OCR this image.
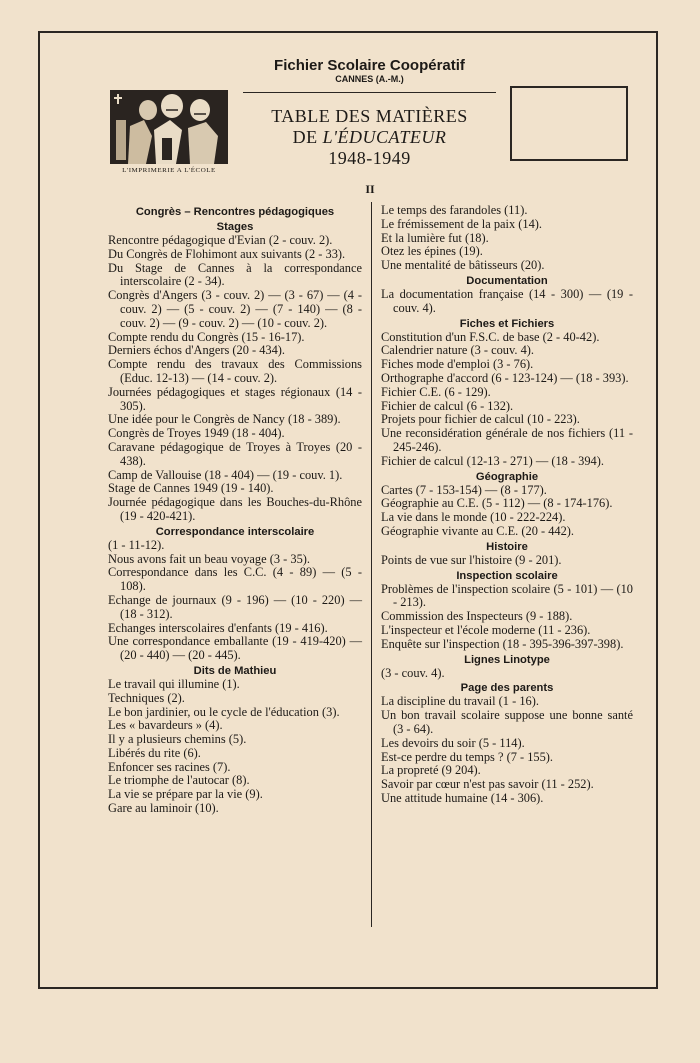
L'IMPRIMERIE A L'ÉCOLE
Fichier Scolaire Coopératif
CANNES (A.-M.)
TABLE DES MATIÈRES
DE L'ÉDUCATEUR
1948-1949
II
Congrès – Rencontres pédagogiques
Stages
Rencontre pédagogique d'Evian (2 - couv. 2).
Du Congrès de Flohimont aux suivants (2 - 33).
Du Stage de Cannes à la correspondance interscolaire (2 - 34).
Congrès d'Angers (3 - couv. 2) — (3 - 67) — (4 - couv. 2) — (5 - couv. 2) — (7 - 140) — (8 - couv. 2) — (9 - couv. 2) — (10 - couv. 2).
Compte rendu du Congrès (15 - 16-17).
Derniers échos d'Angers (20 - 434).
Compte rendu des travaux des Commissions (Educ. 12-13) — (14 - couv. 2).
Journées pédagogiques et stages régionaux (14 - 305).
Une idée pour le Congrès de Nancy (18 - 389).
Congrès de Troyes 1949 (18 - 404).
Caravane pédagogique de Troyes à Troyes (20 - 438).
Camp de Vallouise (18 - 404) — (19 - couv. 1).
Stage de Cannes 1949 (19 - 140).
Journée pédagogique dans les Bouches-du-Rhône (19 - 420-421).
Correspondance interscolaire
(1 - 11-12).
Nous avons fait un beau voyage (3 - 35).
Correspondance dans les C.C. (4 - 89) — (5 - 108).
Echange de journaux (9 - 196) — (10 - 220) — (18 - 312).
Echanges interscolaires d'enfants (19 - 416).
Une correspondance emballante (19 - 419-420) — (20 - 440) — (20 - 445).
Dits de Mathieu
Le travail qui illumine (1).
Techniques (2).
Le bon jardinier, ou le cycle de l'éducation (3).
Les « bavardeurs » (4).
Il y a plusieurs chemins (5).
Libérés du rite (6).
Enfoncer ses racines (7).
Le triomphe de l'autocar (8).
La vie se prépare par la vie (9).
Gare au laminoir (10).
Le temps des farandoles (11).
Le frémissement de la paix (14).
Et la lumière fut (18).
Otez les épines (19).
Une mentalité de bâtisseurs (20).
Documentation
La documentation française (14 - 300) — (19 - couv. 4).
Fiches et Fichiers
Constitution d'un F.S.C. de base (2 - 40-42).
Calendrier nature (3 - couv. 4).
Fiches mode d'emploi (3 - 76).
Orthographe d'accord (6 - 123-124) — (18 - 393).
Fichier C.E. (6 - 129).
Fichier de calcul (6 - 132).
Projets pour fichier de calcul (10 - 223).
Une reconsidération générale de nos fichiers (11 - 245-246).
Fichier de calcul (12-13 - 271) — (18 - 394).
Géographie
Cartes (7 - 153-154) — (8 - 177).
Géographie au C.E. (5 - 112) — (8 - 174-176).
La vie dans le monde (10 - 222-224).
Géographie vivante au C.E. (20 - 442).
Histoire
Points de vue sur l'histoire (9 - 201).
Inspection scolaire
Problèmes de l'inspection scolaire (5 - 101) — (10 - 213).
Commission des Inspecteurs (9 - 188).
L'inspecteur et l'école moderne (11 - 236).
Enquête sur l'inspection (18 - 395-396-397-398).
Lignes Linotype
(3 - couv. 4).
Page des parents
La discipline du travail (1 - 16).
Un bon travail scolaire suppose une bonne santé (3 - 64).
Les devoirs du soir (5 - 114).
Est-ce perdre du temps ? (7 - 155).
La propreté (9 204).
Savoir par cœur n'est pas savoir (11 - 252).
Une attitude humaine (14 - 306).
